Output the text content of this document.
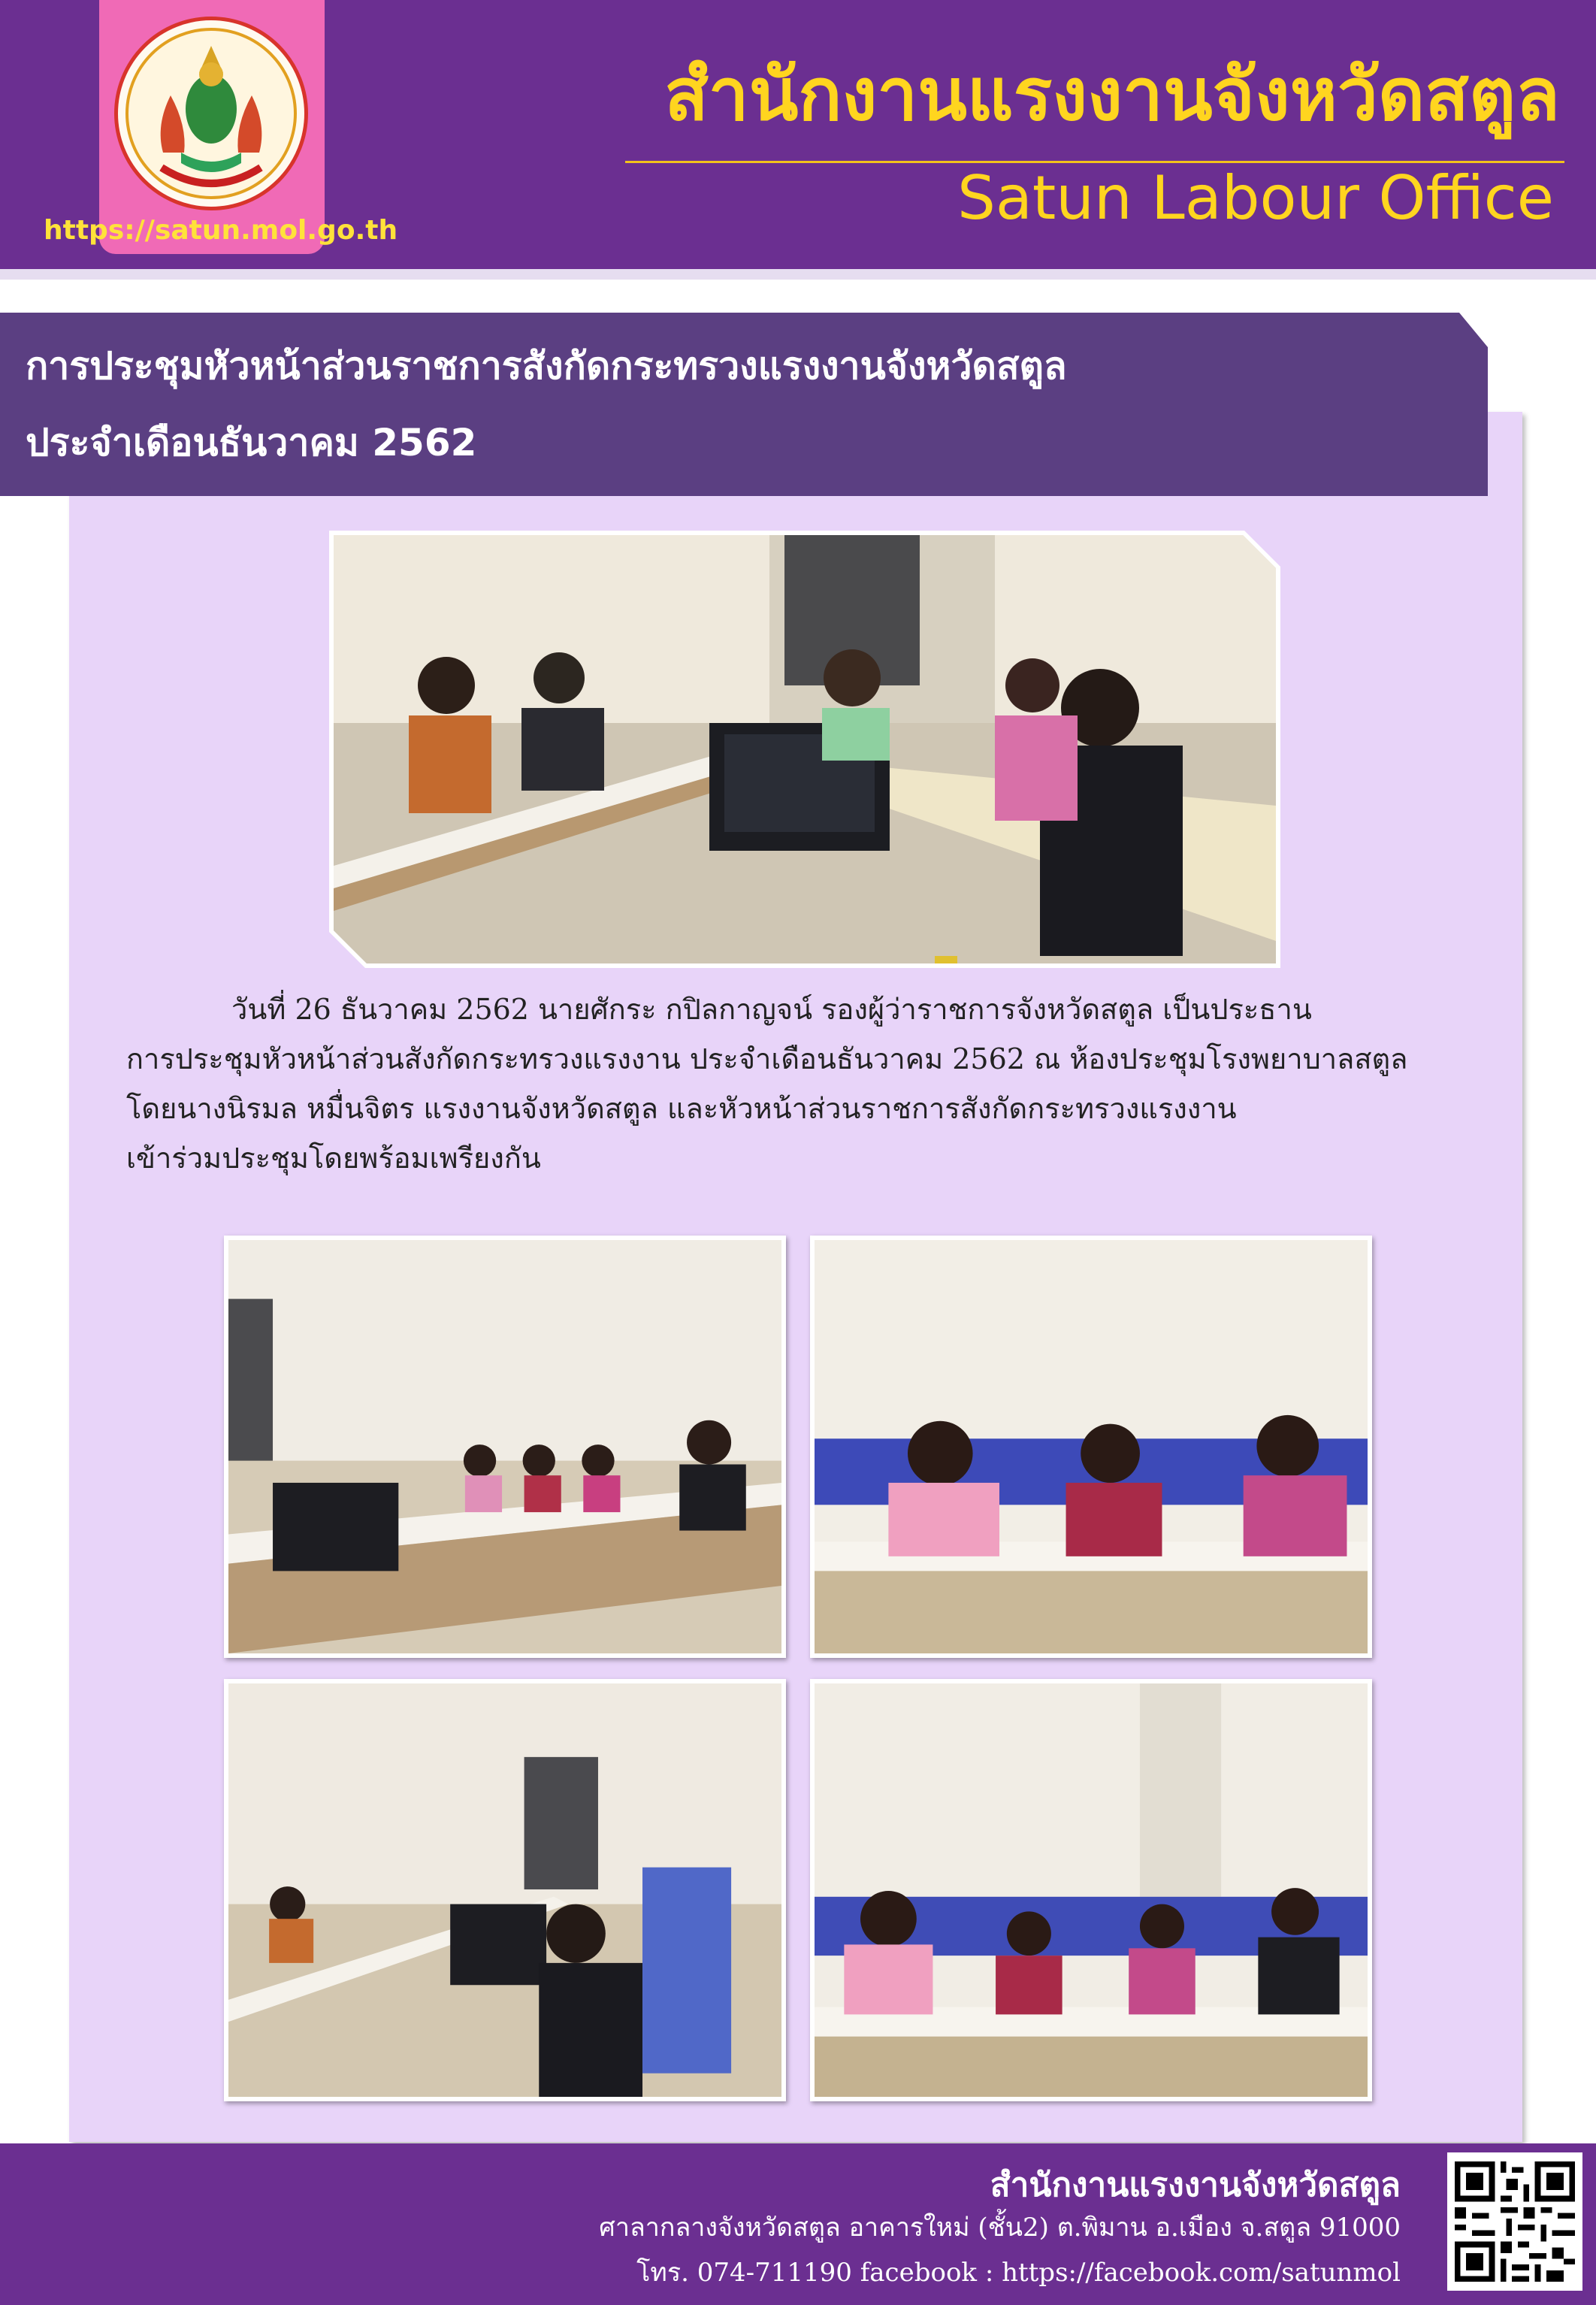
https://satun.mol.go.th
สำนักงานแรงงานจังหวัดสตูล
Satun Labour Office
การประชุมหัวหน้าส่วนราชการสังกัดกระทรวงแรงงานจังหวัดสตูล
ประจำเดือนธันวาคม 2562
วันที่ 26 ธันวาคม 2562 นายศักระ กปิลกาญจน์ รองผู้ว่าราชการจังหวัดสตูล เป็นประธาน
การประชุมหัวหน้าส่วนสังกัดกระทรวงแรงงาน ประจำเดือนธันวาคม 2562 ณ ห้องประชุมโรงพยาบาลสตูล
โดยนางนิรมล หมื่นจิตร แรงงานจังหวัดสตูล และหัวหน้าส่วนราชการสังกัดกระทรวงแรงงาน
เข้าร่วมประชุมโดยพร้อมเพรียงกัน
สำนักงานแรงงานจังหวัดสตูล
ศาลากลางจังหวัดสตูล อาคารใหม่ (ชั้น2) ต.พิมาน อ.เมือง จ.สตูล 91000
โทร. 074-711190 facebook : https://facebook.com/satunmol
